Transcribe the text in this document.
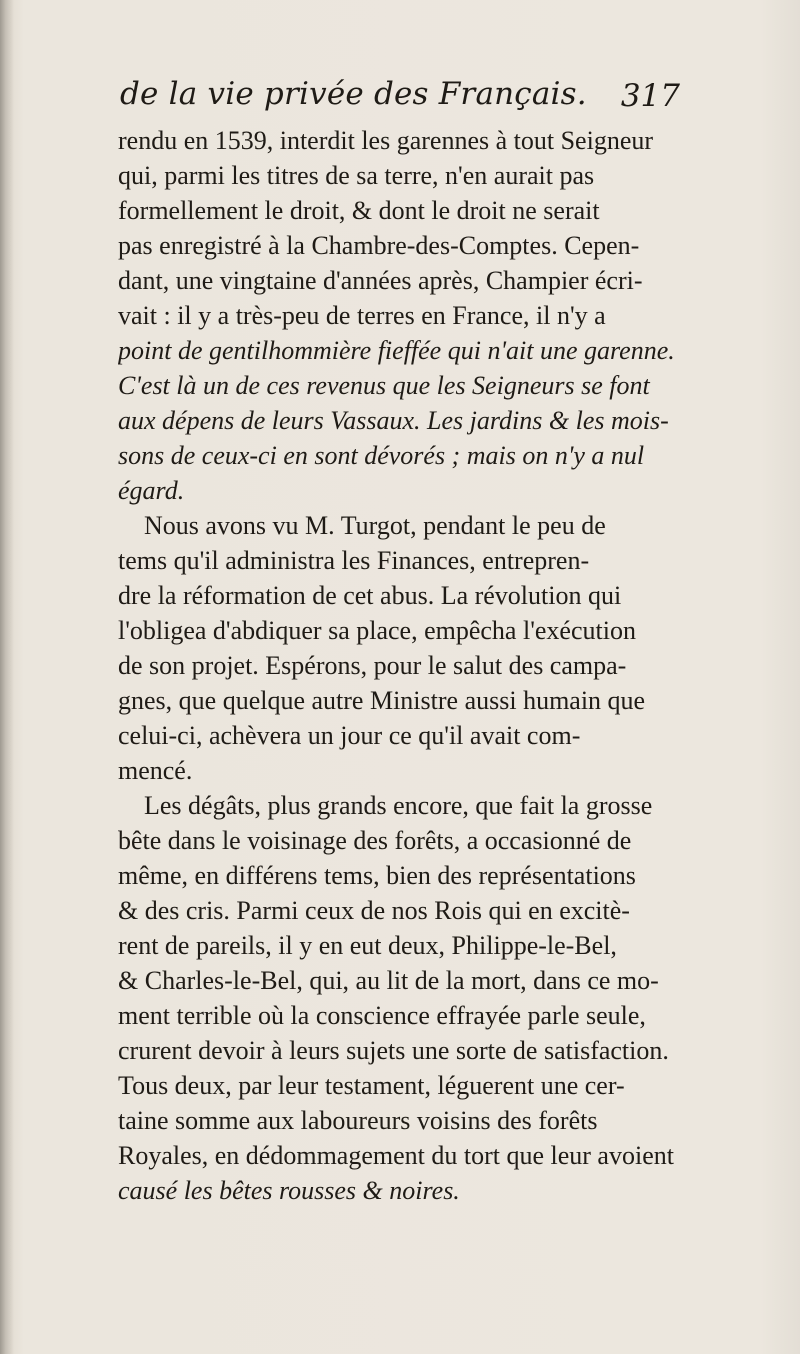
de la vie privée des Français. 317
rendu en 1539, interdit les garennes à tout Seigneur
qui, parmi les titres de sa terre, n'en aurait pas
formellement le droit, & dont le droit ne serait
pas enregistré à la Chambre-des-Comptes. Cepen-
dant, une vingtaine d'années après, Champier écri-
vait : il y a très-peu de terres en France, il n'y a
point de gentilhommière fieffée qui n'ait une garenne.
C'est là un de ces revenus que les Seigneurs se font
aux dépens de leurs Vassaux. Les jardins & les mois-
sons de ceux-ci en sont dévorés ; mais on n'y a nul
égard.
Nous avons vu M. Turgot, pendant le peu de
tems qu'il administra les Finances, entrepren-
dre la réformation de cet abus. La révolution qui
l'obligea d'abdiquer sa place, empêcha l'exécution
de son projet. Espérons, pour le salut des campa-
gnes, que quelque autre Ministre aussi humain que
celui-ci, achèvera un jour ce qu'il avait com-
mencé.
Les dégâts, plus grands encore, que fait la grosse
bête dans le voisinage des forêts, a occasionné de
même, en différens tems, bien des représentations
& des cris. Parmi ceux de nos Rois qui en excitè-
rent de pareils, il y en eut deux, Philippe-le-Bel,
& Charles-le-Bel, qui, au lit de la mort, dans ce mo-
ment terrible où la conscience effrayée parle seule,
crurent devoir à leurs sujets une sorte de satisfaction.
Tous deux, par leur testament, léguerent une cer-
taine somme aux laboureurs voisins des forêts
Royales, en dédommagement du tort que leur avoient
causé les bêtes rousses & noires.
